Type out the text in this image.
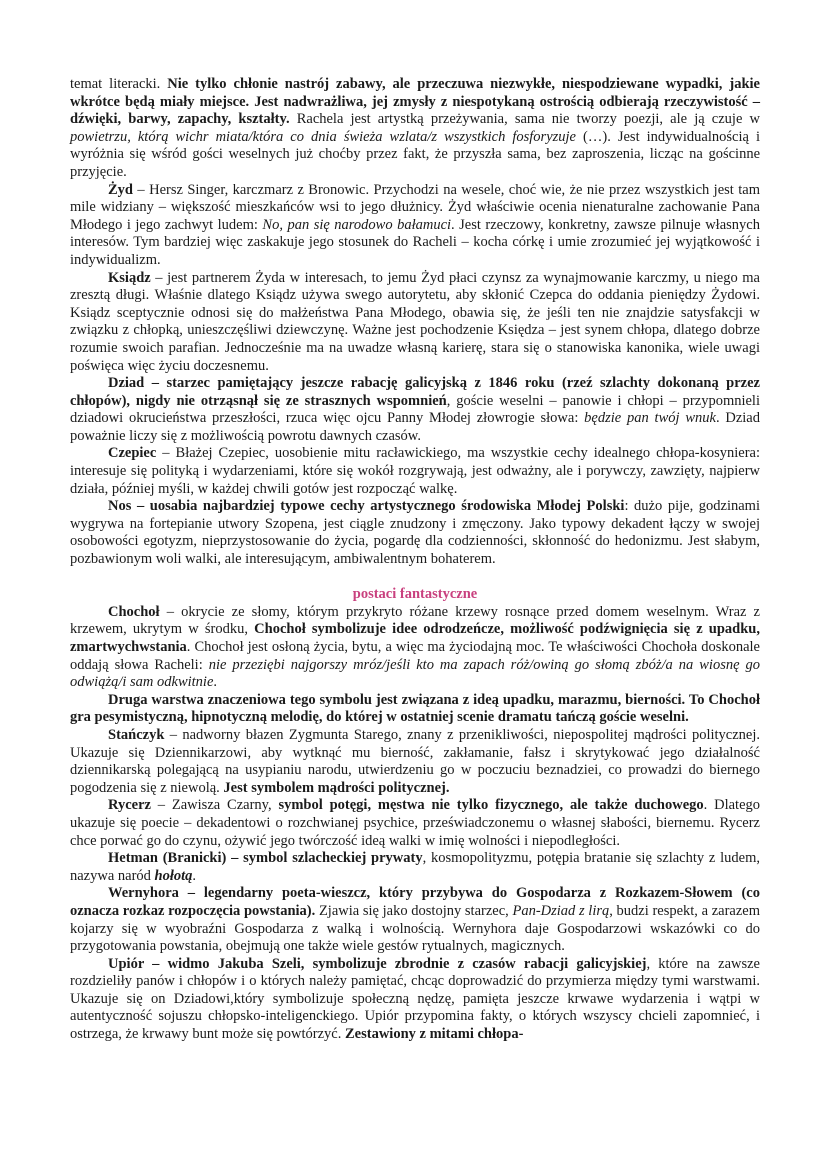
temat literacki. Nie tylko chłonie nastrój zabawy, ale przeczuwa niezwykłe, niespodziewane wypadki, jakie wkrótce będą miały miejsce. Jest nadwrażliwa, jej zmysły z niespotykaną ostrością odbierają rzeczywistość – dźwięki, barwy, zapachy, kształty. Rachela jest artystką przeżywania, sama nie tworzy poezji, ale ją czuje w powietrzu, którą wichr miata/która co dnia świeża wzlata/z wszystkich fosforyzuje (…). Jest indywidualnością i wyróżnia się wśród gości weselnych już choćby przez fakt, że przyszła sama, bez zaproszenia, licząc na gościnne przyjęcie.

Żyd – Hersz Singer, karczmarz z Bronowic. Przychodzi na wesele, choć wie, że nie przez wszystkich jest tam mile widziany – większość mieszkańców wsi to jego dłużnicy. Żyd właściwie ocenia nienaturalne zachowanie Pana Młodego i jego zachwyt ludem: No, pan się narodowo bałamuci. Jest rzeczowy, konkretny, zawsze pilnuje własnych interesów. Tym bardziej więc zaskakuje jego stosunek do Racheli – kocha córkę i umie zrozumieć jej wyjątkowość i indywidualizm.

Ksiądz – jest partnerem Żyda w interesach, to jemu Żyd płaci czynsz za wynajmowanie karczmy, u niego ma zresztą długi. Właśnie dlatego Ksiądz używa swego autorytetu, aby skłonić Czepca do oddania pieniędzy Żydowi. Ksiądz sceptycznie odnosi się do małżeństwa Pana Młodego, obawia się, że jeśli ten nie znajdzie satysfakcji w związku z chłopką, unieszczęśliwi dziewczynę. Ważne jest pochodzenie Księdza – jest synem chłopa, dlatego dobrze rozumie swoich parafian. Jednocześnie ma na uwadze własną karierę, stara się o stanowiska kanonika, wiele uwagi poświęca więc życiu doczesnemu.

Dziad – starzec pamiętający jeszcze rabację galicyjską z 1846 roku (rzeź szlachty dokonaną przez chłopów), nigdy nie otrząsnął się ze strasznych wspomnień, goście weselni – panowie i chłopi – przypomnieli dziadowi okrucieństwa przeszłości, rzuca więc ojcu Panny Młodej złowrogie słowa: będzie pan twój wnuk. Dziad poważnie liczy się z możliwością powrotu dawnych czasów.

Czepiec – Błażej Czepiec, uosobienie mitu racławickiego, ma wszystkie cechy idealnego chłopa-kosyniera: interesuje się polityką i wydarzeniami, które się wokół rozgrywają, jest odważny, ale i porywczy, zawzięty, najpierw działa, później myśli, w każdej chwili gotów jest rozpocząć walkę.

Nos – uosabia najbardziej typowe cechy artystycznego środowiska Młodej Polski: dużo pije, godzinami wygrywa na fortepianie utwory Szopena, jest ciągle znudzony i zmęczony. Jako typowy dekadent łączy w swojej osobowości egotyzm, nieprzystosowanie do życia, pogardę dla codzienności, skłonność do hedonizmu. Jest słabym, pozbawionym woli walki, ale interesującym, ambiwalentnym bohaterem.

postaci fantastyczne

Chochoł – okrycie ze słomy, którym przykryto różane krzewy rosnące przed domem weselnym. Wraz z krzewem, ukrytym w środku, Chochoł symbolizuje idee odrodzeńcze, możliwość podźwignięcia się z upadku, zmartwychwstania. Chochoł jest osłoną życia, bytu, a więc ma życiodajną moc. Te właściwości Chochoła doskonale oddają słowa Racheli: nie przeziębi najgorszy mróz/jeśli kto ma zapach róż/owiną go słomą zbóż/a na wiosnę go odwiążą/i sam odkwitnie.

Druga warstwa znaczeniowa tego symbolu jest związana z ideą upadku, marazmu, bierności. To Chochoł gra pesymistyczną, hipnotyczną melodię, do której w ostatniej scenie dramatu tańczą goście weselni.

Stańczyk – nadworny błazen Zygmunta Starego, znany z przenikliwości, niepospolitej mądrości politycznej. Ukazuje się Dziennikarzowi, aby wytknąć mu bierność, zakłamanie, fałsz i skrytykować jego działalność dziennikarską polegającą na usypianiu narodu, utwierdzeniu go w poczuciu beznadziei, co prowadzi do biernego pogodzenia się z niewolą. Jest symbolem mądrości politycznej.

Rycerz – Zawisza Czarny, symbol potęgi, męstwa nie tylko fizycznego, ale także duchowego. Dlatego ukazuje się poecie – dekadentowi o rozchwianej psychice, przeświadczonemu o własnej słabości, biernemu. Rycerz chce porwać go do czynu, ożywić jego twórczość ideą walki w imię wolności i niepodległości.

Hetman (Branicki) – symbol szlacheckiej prywaty, kosmopolityzmu, potępia bratanie się szlachty z ludem, nazywa naród hołotą.

Wernyhora – legendarny poeta-wieszcz, który przybywa do Gospodarza z Rozkazem-Słowem (co oznacza rozkaz rozpoczęcia powstania). Zjawia się jako dostojny starzec, Pan-Dziad z lirą, budzi respekt, a zarazem kojarzy się w wyobraźni Gospodarza z walką i wolnością. Wernyhora daje Gospodarzowi wskazówki co do przygotowania powstania, obejmują one także wiele gestów rytualnych, magicznych.

Upiór – widmo Jakuba Szeli, symbolizuje zbrodnie z czasów rabacji galicyjskiej, które na zawsze rozdzieliły panów i chłopów i o których należy pamiętać, chcąc doprowadzić do przymierza między tymi warstwami. Ukazuje się on Dziadowi,który symbolizuje społeczną nędzę, pamięta jeszcze krwawe wydarzenia i wątpi w autentyczność sojuszu chłopsko-inteligenckiego. Upiór przypomina fakty, o których wszyscy chcieli zapomnieć, i ostrzega, że krwawy bunt może się powtórzyć. Zestawiony z mitami chłopa-
